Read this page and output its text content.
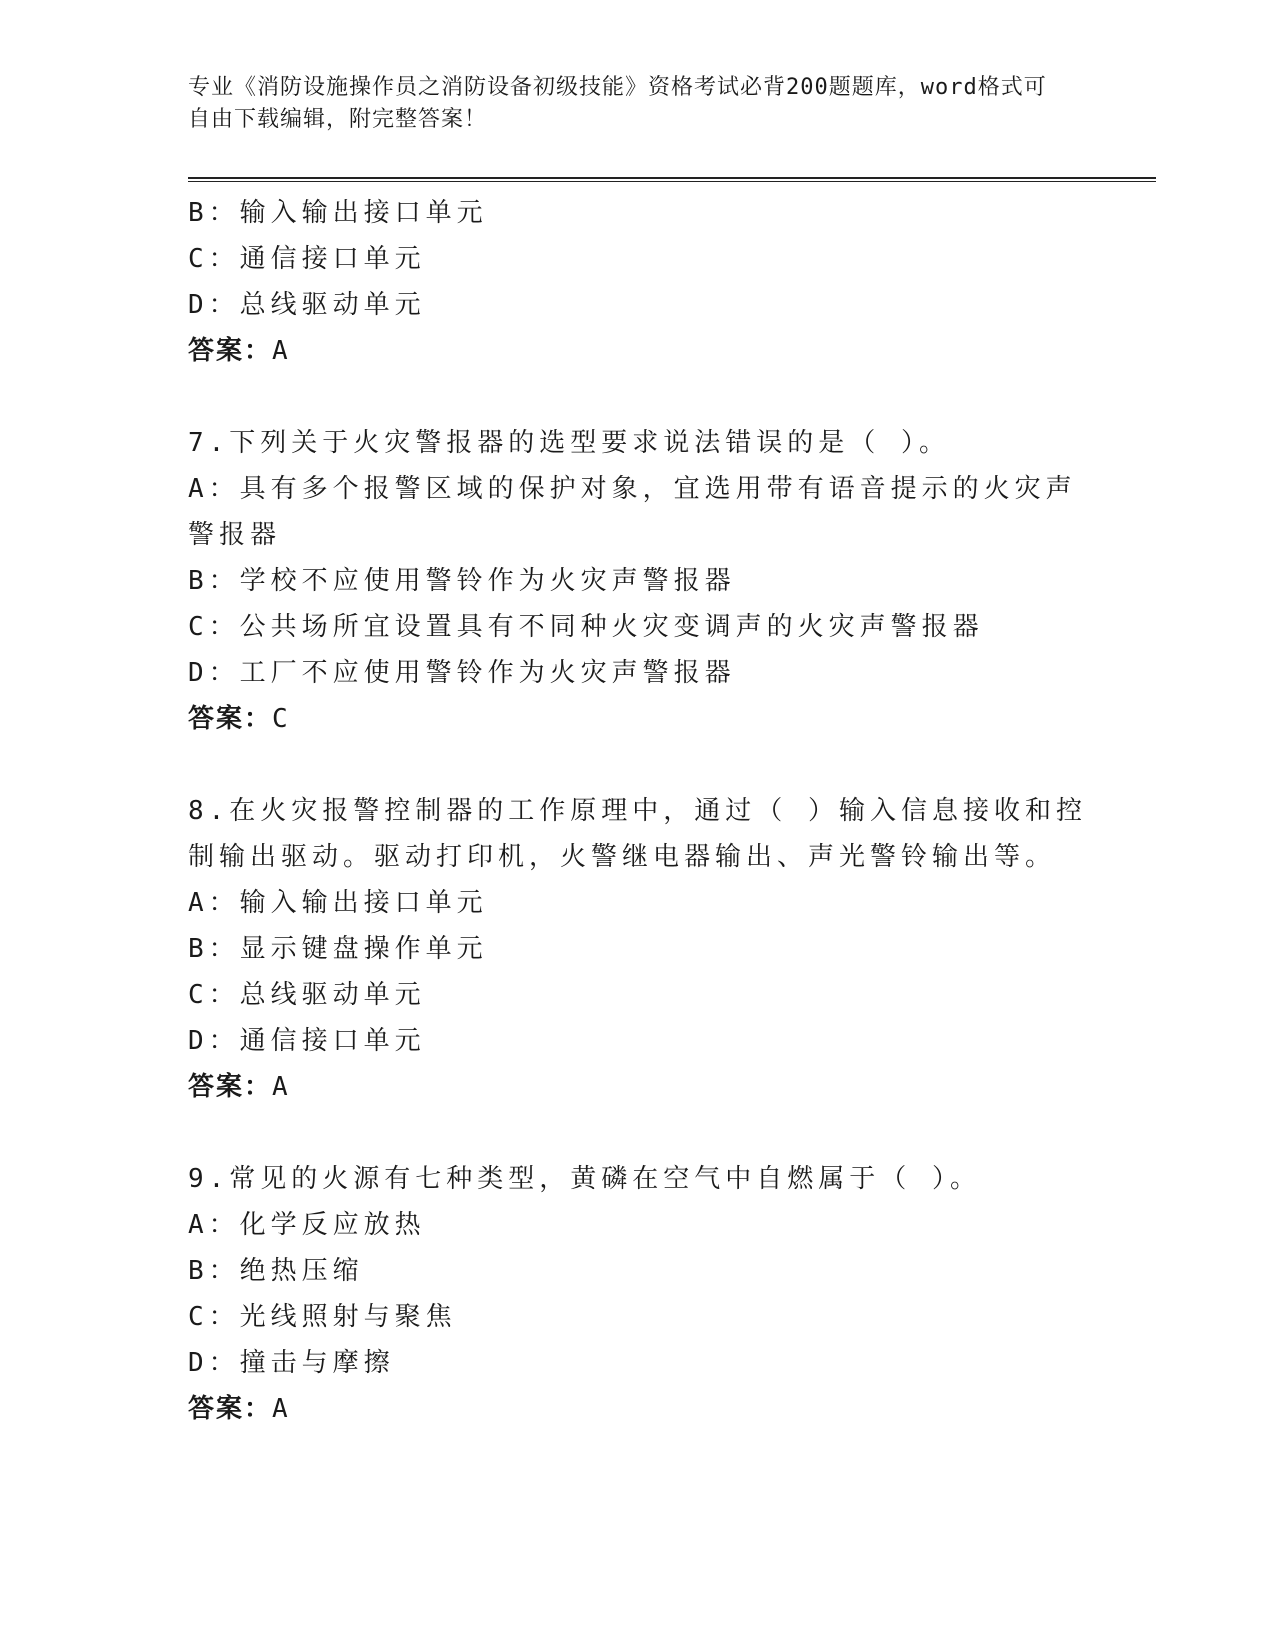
专业《消防设施操作员之消防设备初级技能》资格考试必背200题题库，word格式可自由下载编辑，附完整答案！
B：输入输出接口单元
C：通信接口单元
D：总线驱动单元
答案：A
7.下列关于火灾警报器的选型要求说法错误的是（ ）。
A：具有多个报警区域的保护对象，宜选用带有语音提示的火灾声警报器
B：学校不应使用警铃作为火灾声警报器
C：公共场所宜设置具有不同种火灾变调声的火灾声警报器
D：工厂不应使用警铃作为火灾声警报器
答案：C
8.在火灾报警控制器的工作原理中，通过（ ）输入信息接收和控制输出驱动。驱动打印机，火警继电器输出、声光警铃输出等。
A：输入输出接口单元
B：显示键盘操作单元
C：总线驱动单元
D：通信接口单元
答案：A
9.常见的火源有七种类型，黄磷在空气中自燃属于（ ）。
A：化学反应放热
B：绝热压缩
C：光线照射与聚焦
D：撞击与摩擦
答案：A
